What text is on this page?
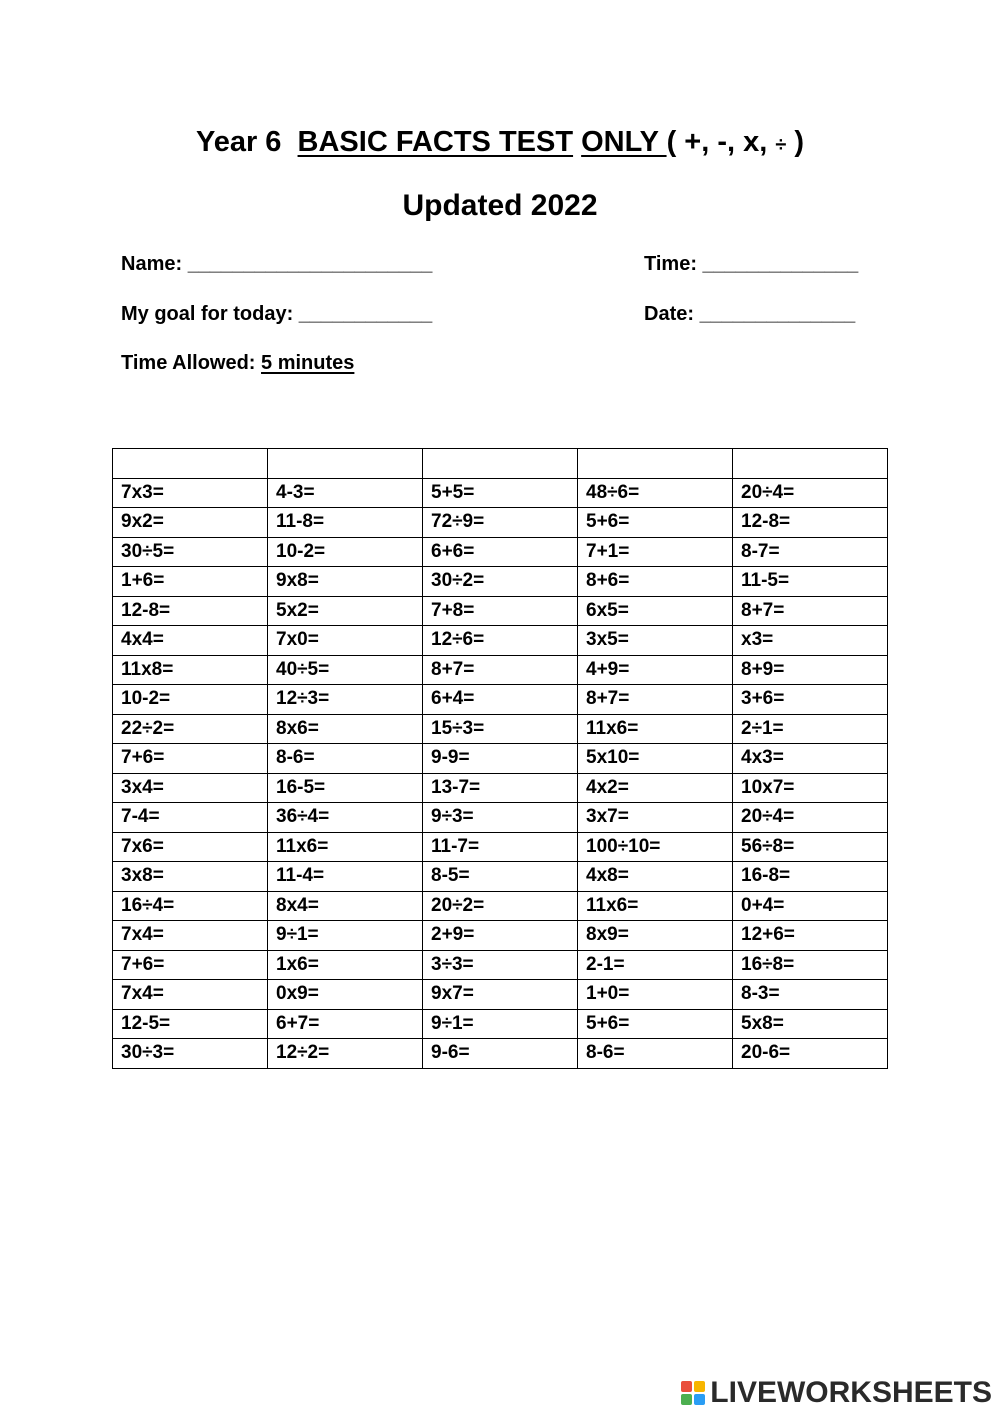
Year 6  BASIC FACTS TEST ONLY ( +, -, x, ÷ )
Updated 2022
Name: ______________________	Time: ______________
My goal for today: ____________	Date: ______________
Time Allowed: 5 minutes

7x3=	4-3=	5+5=	48÷6=	20÷4=
9x2=	11-8=	72÷9=	5+6=	12-8=
30÷5=	10-2=	6+6=	7+1=	8-7=
1+6=	9x8=	30÷2=	8+6=	11-5=
12-8=	5x2=	7+8=	6x5=	8+7=
4x4=	7x0=	12÷6=	3x5=	x3=
11x8=	40÷5=	8+7=	4+9=	8+9=
10-2=	12÷3=	6+4=	8+7=	3+6=
22÷2=	8x6=	15÷3=	11x6=	2÷1=
7+6=	8-6=	9-9=	5x10=	4x3=
3x4=	16-5=	13-7=	4x2=	10x7=
7-4=	36÷4=	9÷3=	3x7=	20÷4=
7x6=	11x6=	11-7=	100÷10=	56÷8=
3x8=	11-4=	8-5=	4x8=	16-8=
16÷4=	8x4=	20÷2=	11x6=	0+4=
7x4=	9÷1=	2+9=	8x9=	12+6=
7+6=	1x6=	3÷3=	2-1=	16÷8=
7x4=	0x9=	9x7=	1+0=	8-3=
12-5=	6+7=	9÷1=	5+6=	5x8=
30÷3=	12÷2=	9-6=	8-6=	20-6=
LIVEWORKSHEETS
